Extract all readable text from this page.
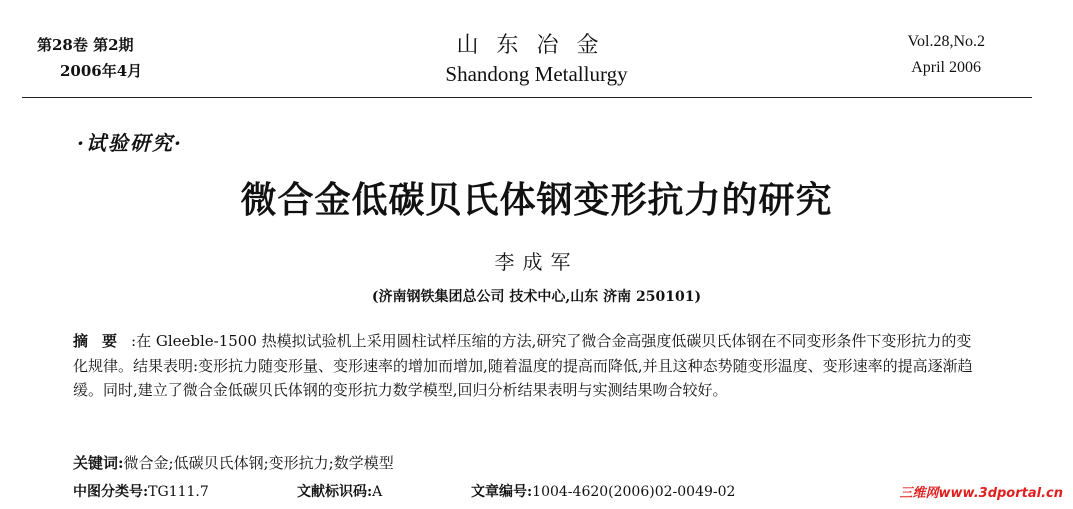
第28卷 第2期
2006年4月
山东冶金
Shandong Metallurgy
Vol.28,No.2
April 2006
·试验研究·
微合金低碳贝氏体钢变形抗力的研究
李成军
(济南钢铁集团总公司 技术中心,山东 济南 250101)
摘要:在 Gleeble-1500 热模拟试验机上采用圆柱试样压缩的方法,研究了微合金高强度低碳贝氏体钢在不同变形条件下变形抗力的变化规律。结果表明:变形抗力随变形量、变形速率的增加而增加,随着温度的提高而降低,并且这种态势随变形温度、变形速率的提高逐渐趋缓。同时,建立了微合金低碳贝氏体钢的变形抗力数学模型,回归分析结果表明与实测结果吻合较好。
关键词:微合金;低碳贝氏体钢;变形抗力;数学模型
中图分类号:TG111.7	文献标识码:A	文章编号:1004-4620(2006)02-0049-02	三维网www.3dportal.cn
